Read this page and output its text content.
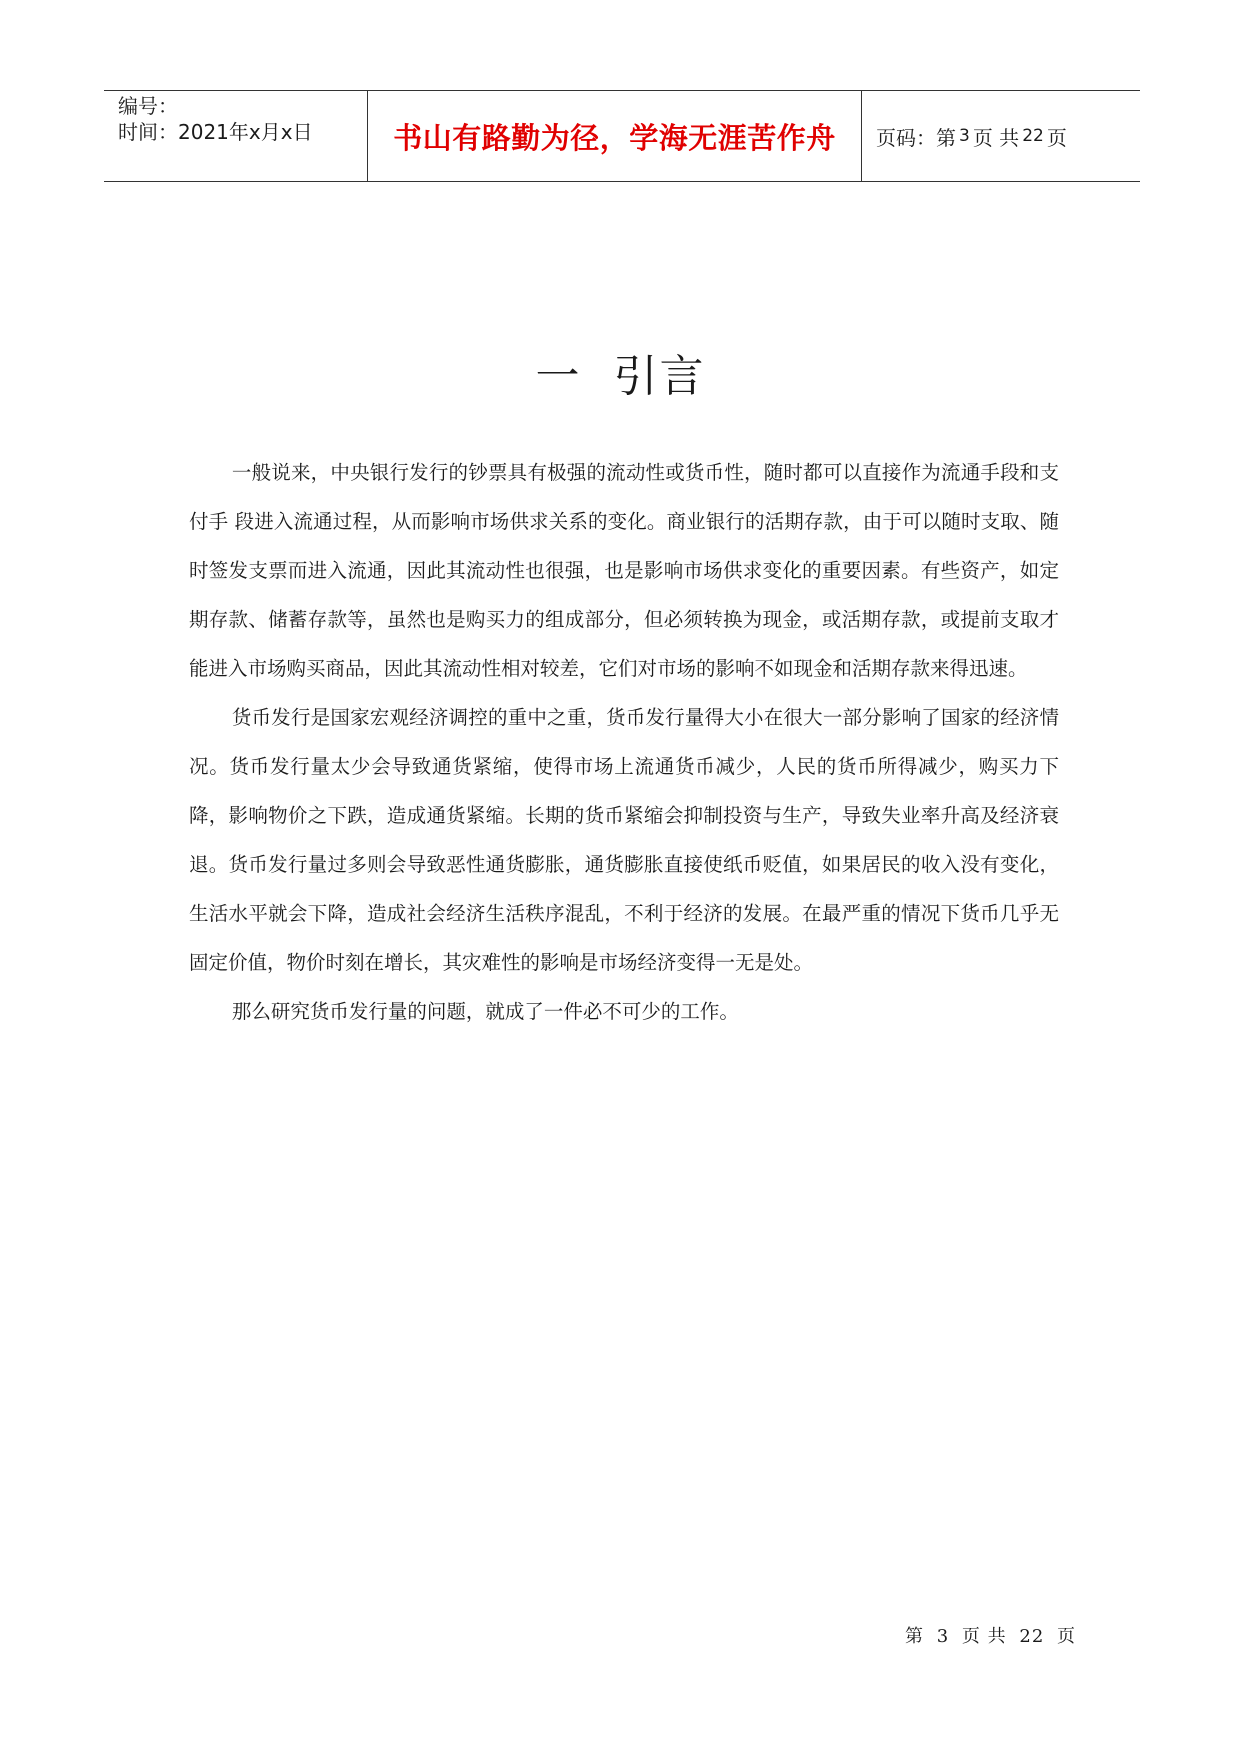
编号：
时间：2021年x月x日	书山有路勤为径，学海无涯苦作舟 页码：第 3 页 共 22 页
一  引言

一般说来，中央银行发行的钞票具有极强的流动性或货币性，随时都可以直接作为流通手段和支付手 段进入流通过程，从而影响市场供求关系的变化。商业银行的活期存款，由于可以随时支取、随时签发支票而进入流通，因此其流动性也很强，也是影响市场供求变化的重要因素。有些资产，如定期存款、储蓄存款等，虽然也是购买力的组成部分，但必须转换为现金，或活期存款，或提前支取才能进入市场购买商品，因此其流动性相对较差，它们对市场的影响不如现金和活期存款来得迅速。

货币发行是国家宏观经济调控的重中之重，货币发行量得大小在很大一部分影响了国家的经济情况。货币发行量太少会导致通货紧缩，使得市场上流通货币减少，人民的货币所得减少，购买力下降，影响物价之下跌，造成通货紧缩。长期的货币紧缩会抑制投资与生产，导致失业率升高及经济衰退。货币发行量过多则会导致恶性通货膨胀，通货膨胀直接使纸币贬值，如果居民的收入没有变化，生活水平就会下降，造成社会经济生活秩序混乱，不利于经济的发展。在最严重的情况下货币几乎无固定价值，物价时刻在增长，其灾难性的影响是市场经济变得一无是处。

那么研究货币发行量的问题，就成了一件必不可少的工作。

第 3 页 共 22 页
